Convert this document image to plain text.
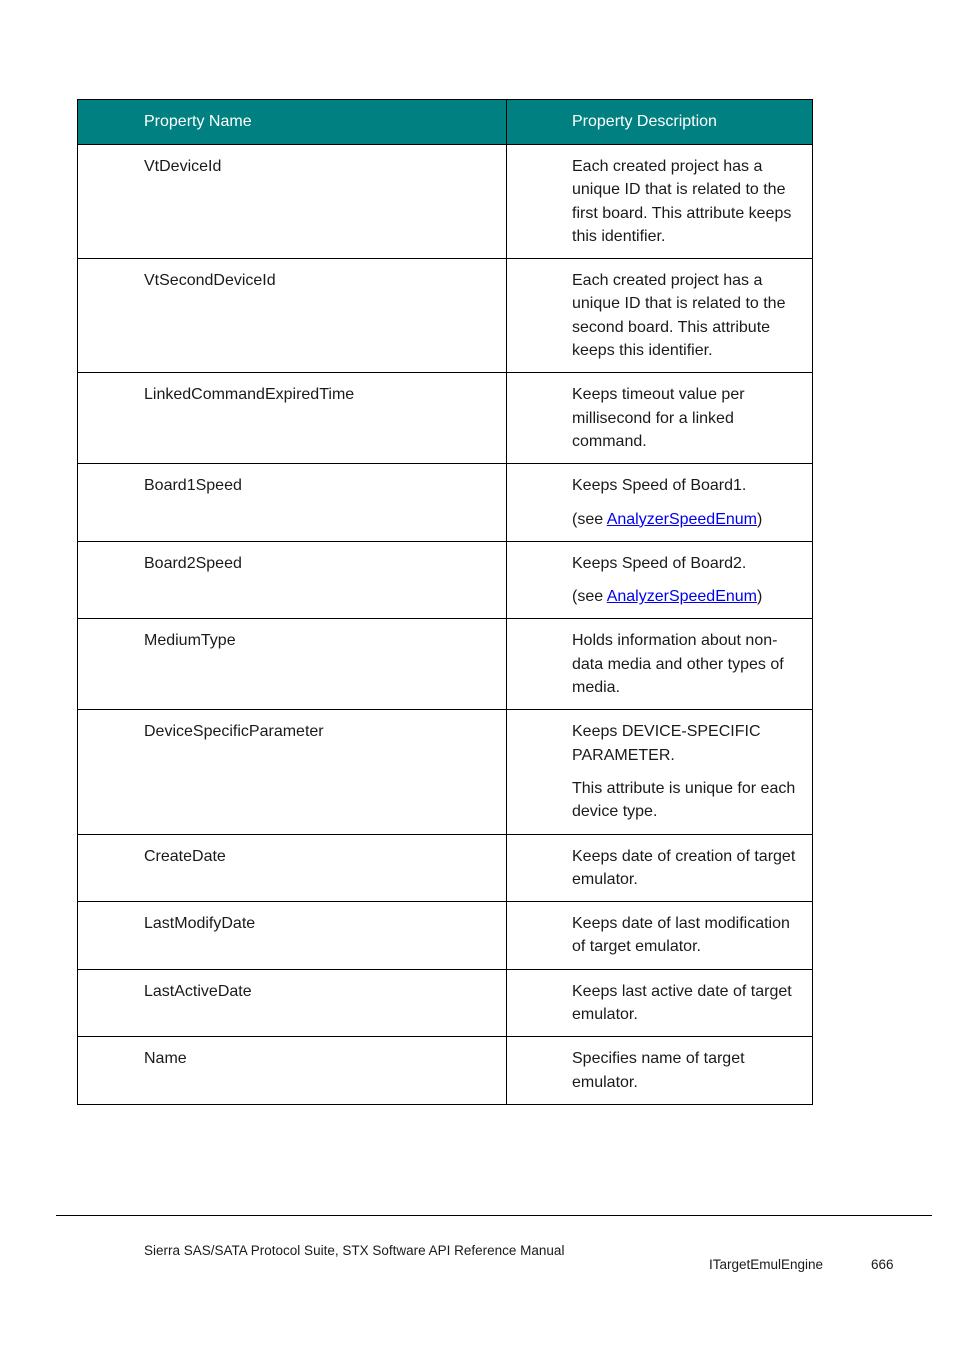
Property Name	Property Description
VtDeviceId	Each created project has a unique ID that is related to the first board. This attribute keeps this identifier.

VtSecondDeviceId	Each created project has a unique ID that is related to the second board. This attribute keeps this identifier.

LinkedCommandExpiredTime	Keeps timeout value per millisecond for a linked command.

Board1Speed	Keeps Speed of Board1.

(see AnalyzerSpeedEnum)

Board2Speed	Keeps Speed of Board2.

(see AnalyzerSpeedEnum)

MediumType	Holds information about non-data media and other types of media.

DeviceSpecificParameter	Keeps DEVICE-SPECIFIC PARAMETER.

This attribute is unique for each device type.

CreateDate	Keeps date of creation of target emulator.

LastModifyDate	Keeps date of last modification of target emulator.

LastActiveDate	Keeps last active date of target emulator.

Name	Specifies name of target emulator.

Sierra SAS/SATA Protocol Suite, STX Software API Reference Manual
ITargetEmulEngine	666
